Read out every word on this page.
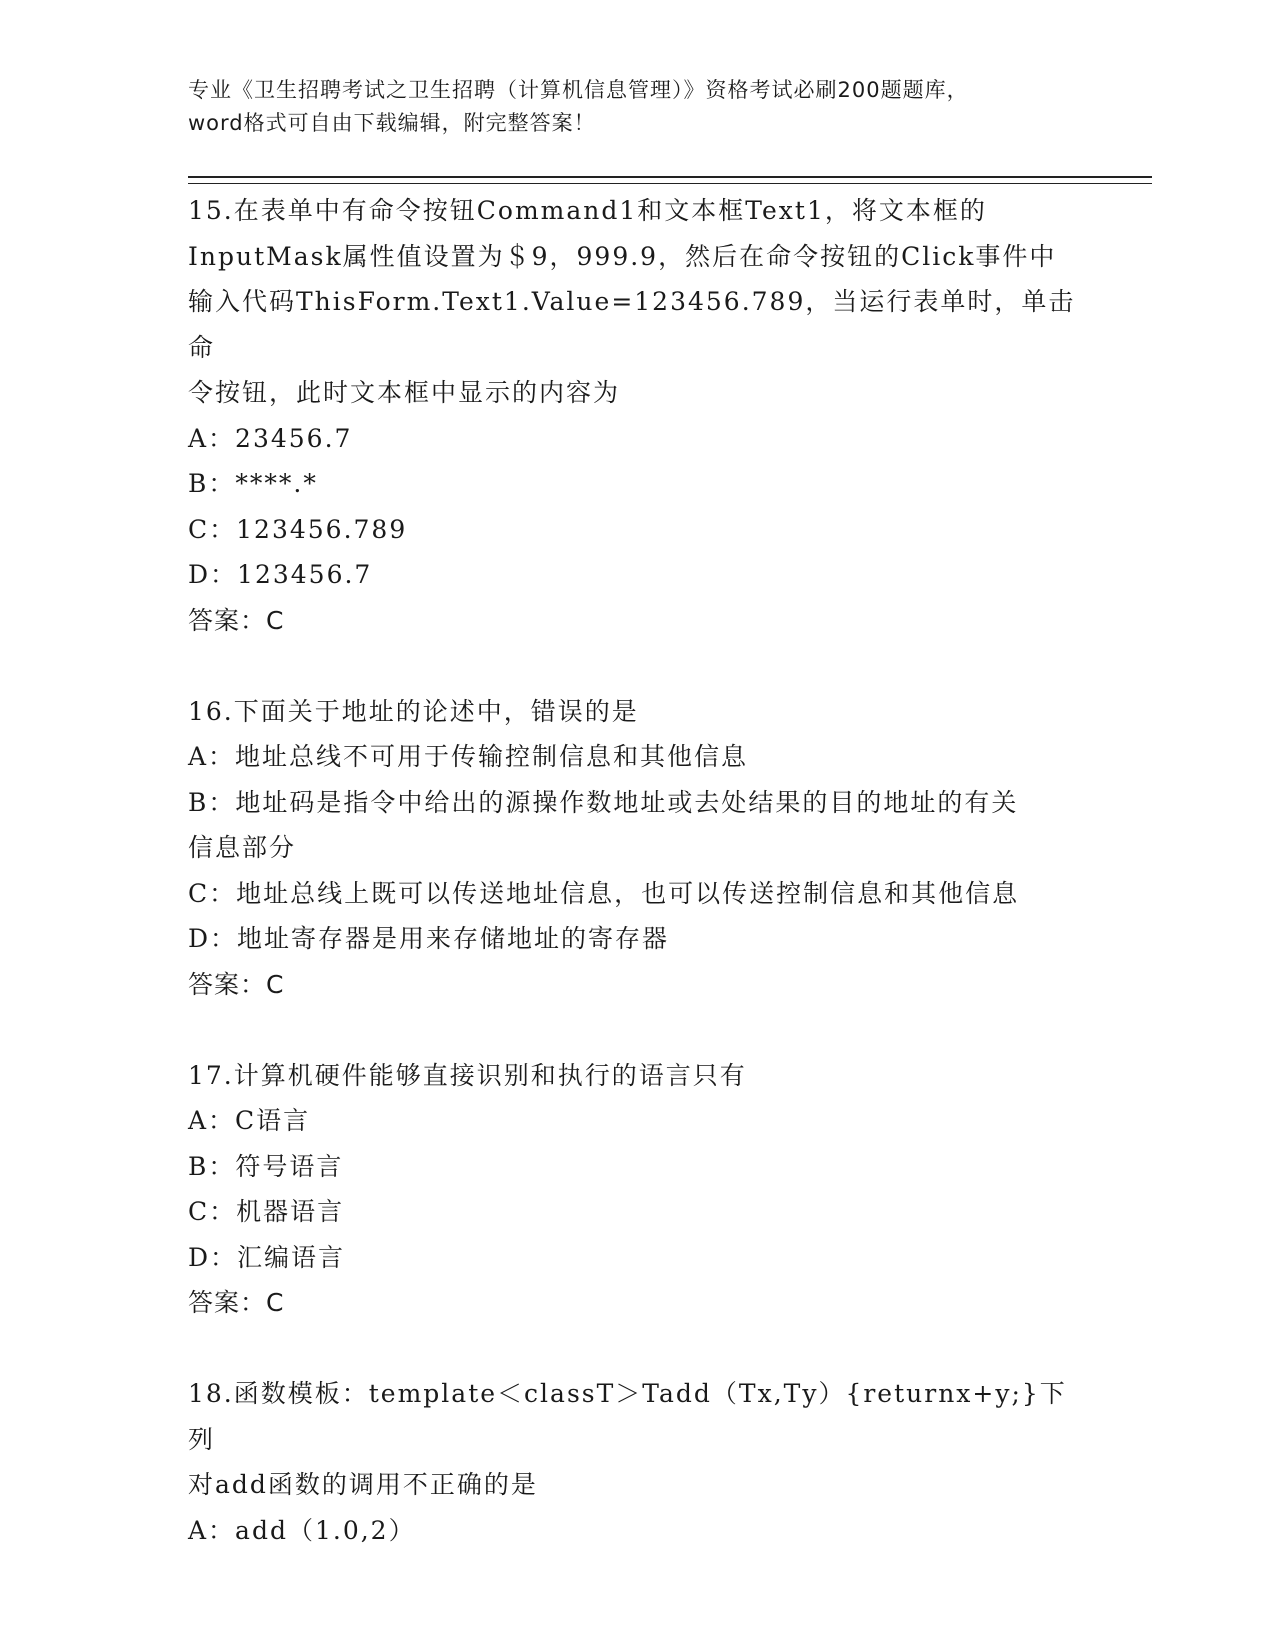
专业《卫生招聘考试之卫生招聘（计算机信息管理）》资格考试必刷200题题库，
word格式可自由下载编辑，附完整答案！

15.在表单中有命令按钮Command1和文本框Text1，将文本框的

InputMask属性值设置为＄9，999.9，然后在命令按钮的Click事件中

输入代码ThisForm.Text1.Value=123456.789，当运行表单时，单击命

令按钮，此时文本框中显示的内容为

A：23456.7

B：****.*

C：123456.789

D：123456.7

答案：C

16.下面关于地址的论述中，错误的是

A：地址总线不可用于传输控制信息和其他信息

B：地址码是指令中给出的源操作数地址或去处结果的目的地址的有关

信息部分

C：地址总线上既可以传送地址信息，也可以传送控制信息和其他信息

D：地址寄存器是用来存储地址的寄存器

答案：C

17.计算机硬件能够直接识别和执行的语言只有

A：C语言

B：符号语言

C：机器语言

D：汇编语言

答案：C

18.函数模板：template＜classT＞Tadd（Tx,Ty）{returnx+y;}下列

对add函数的调用不正确的是

A：add（1.0,2）
